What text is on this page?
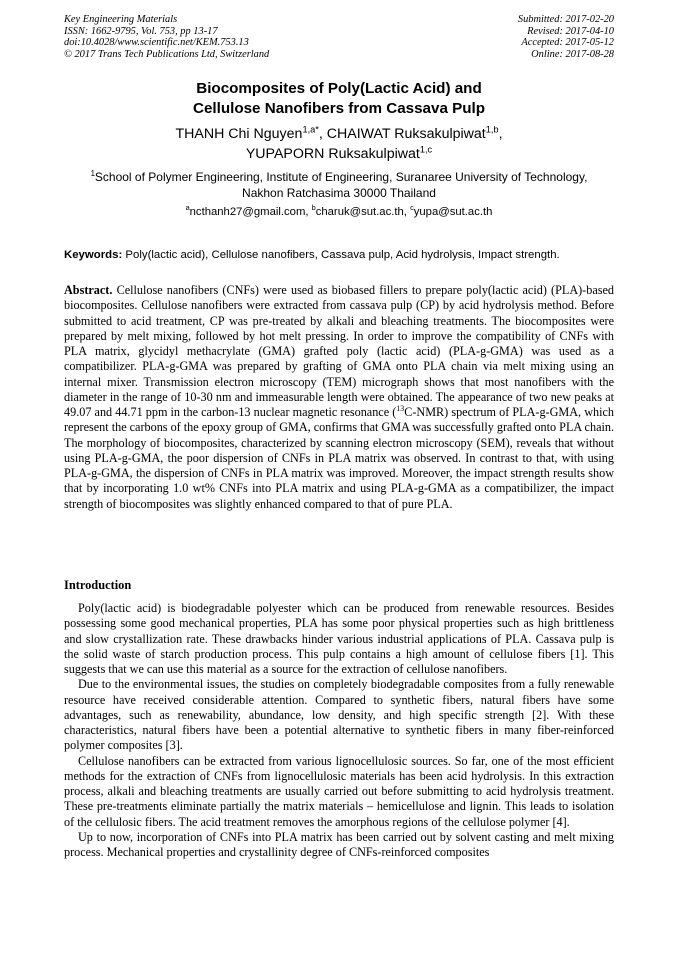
Key Engineering Materials
ISSN: 1662-9795, Vol. 753, pp 13-17
doi:10.4028/www.scientific.net/KEM.753.13
© 2017 Trans Tech Publications Ltd, Switzerland
Submitted: 2017-02-20
Revised: 2017-04-10
Accepted: 2017-05-12
Online: 2017-08-28
Biocomposites of Poly(Lactic Acid) and
Cellulose Nanofibers from Cassava Pulp
THANH Chi Nguyen$^{1,a*}$, CHAIWAT Ruksakulpiwat$^{1,b}$,
YUPAPORN Ruksakulpiwat$^{1,c}$
$^1$School of Polymer Engineering, Institute of Engineering, Suranaree University of Technology,
Nakhon Ratchasima 30000 Thailand
$^a$ncthanh27@gmail.com, $^b$charuk@sut.ac.th, $^c$yupa@sut.ac.th
Keywords: Poly(lactic acid), Cellulose nanofibers, Cassava pulp, Acid hydrolysis, Impact strength.
Abstract. Cellulose nanofibers (CNFs) were used as biobased fillers to prepare poly(lactic acid) (PLA)-based biocomposites. Cellulose nanofibers were extracted from cassava pulp (CP) by acid hydrolysis method. Before submitted to acid treatment, CP was pre-treated by alkali and bleaching treatments. The biocomposites were prepared by melt mixing, followed by hot melt pressing. In order to improve the compatibility of CNFs with PLA matrix, glycidyl methacrylate (GMA) grafted poly (lactic acid) (PLA-g-GMA) was used as a compatibilizer. PLA-g-GMA was prepared by grafting of GMA onto PLA chain via melt mixing using an internal mixer. Transmission electron microscopy (TEM) micrograph shows that most nanofibers with the diameter in the range of 10-30 nm and immeasurable length were obtained. The appearance of two new peaks at 49.07 and 44.71 ppm in the carbon-13 nuclear magnetic resonance ($^{13}$C-NMR) spectrum of PLA-g-GMA, which represent the carbons of the epoxy group of GMA, confirms that GMA was successfully grafted onto PLA chain. The morphology of biocomposites, characterized by scanning electron microscopy (SEM), reveals that without using PLA-g-GMA, the poor dispersion of CNFs in PLA matrix was observed. In contrast to that, with using PLA-g-GMA, the dispersion of CNFs in PLA matrix was improved. Moreover, the impact strength results show that by incorporating 1.0 wt% CNFs into PLA matrix and using PLA-g-GMA as a compatibilizer, the impact strength of biocomposites was slightly enhanced compared to that of pure PLA.
Introduction

Poly(lactic acid) is biodegradable polyester which can be produced from renewable resources. Besides possessing some good mechanical properties, PLA has some poor physical properties such as high brittleness and slow crystallization rate. These drawbacks hinder various industrial applications of PLA. Cassava pulp is the solid waste of starch production process. This pulp contains a high amount of cellulose fibers [1]. This suggests that we can use this material as a source for the extraction of cellulose nanofibers.

Due to the environmental issues, the studies on completely biodegradable composites from a fully renewable resource have received considerable attention. Compared to synthetic fibers, natural fibers have some advantages, such as renewability, abundance, low density, and high specific strength [2]. With these characteristics, natural fibers have been a potential alternative to synthetic fibers in many fiber-reinforced polymer composites [3].

Cellulose nanofibers can be extracted from various lignocellulosic sources. So far, one of the most efficient methods for the extraction of CNFs from lignocellulosic materials has been acid hydrolysis. In this extraction process, alkali and bleaching treatments are usually carried out before submitting to acid hydrolysis treatment. These pre-treatments eliminate partially the matrix materials – hemicellulose and lignin. This leads to isolation of the cellulosic fibers. The acid treatment removes the amorphous regions of the cellulose polymer [4].

Up to now, incorporation of CNFs into PLA matrix has been carried out by solvent casting and melt mixing process. Mechanical properties and crystallinity degree of CNFs-reinforced composites
